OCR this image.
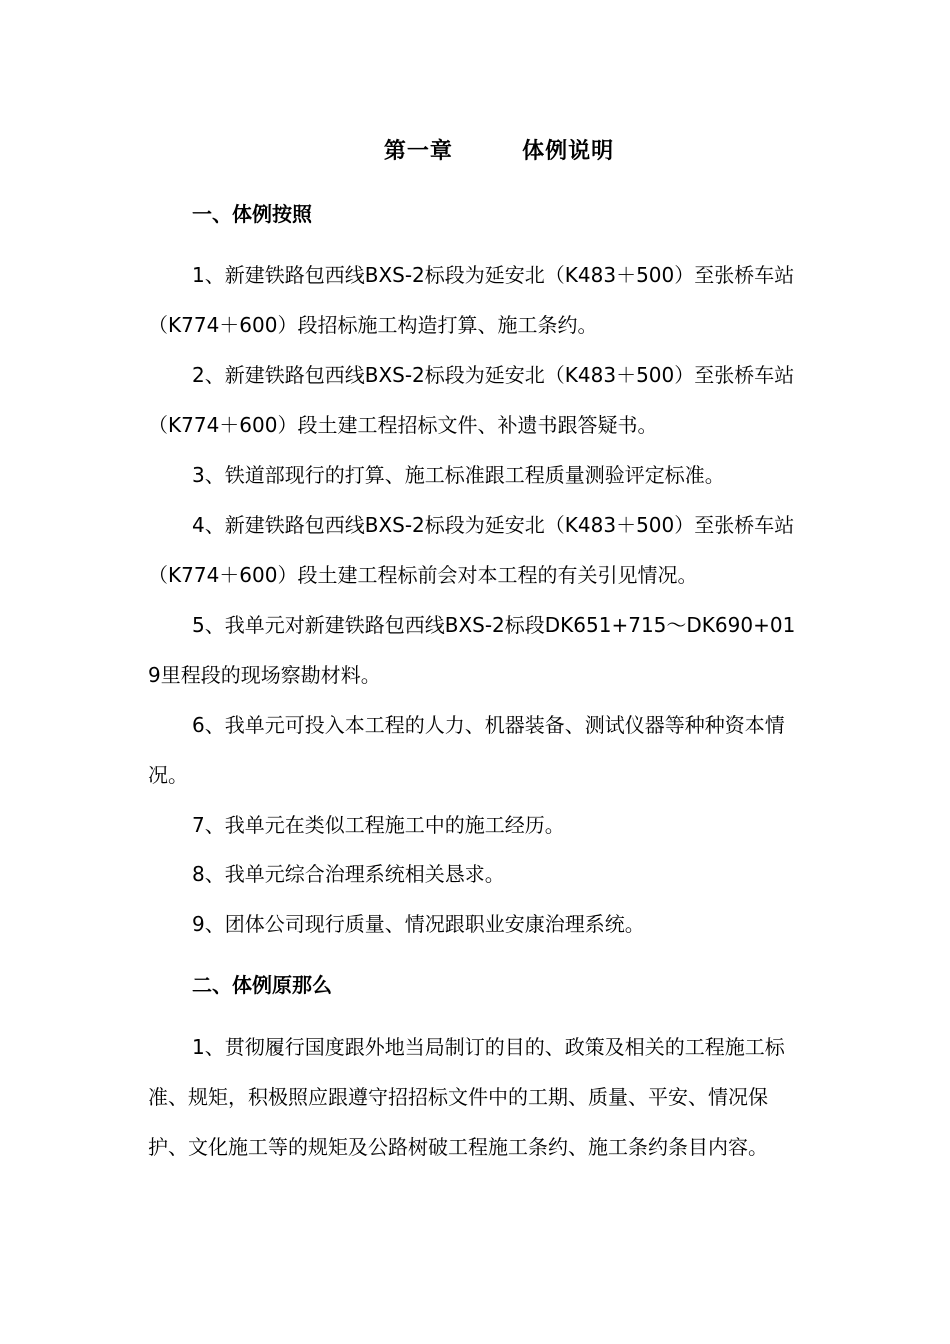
第一章        体例说明
一、体例按照

1、新建铁路包西线BXS-2标段为延安北（K483＋500）至张桥车站（K774＋600）段招标施工构造打算、施工条约。

2、新建铁路包西线BXS-2标段为延安北（K483＋500）至张桥车站（K774＋600）段土建工程招标文件、补遗书跟答疑书。

3、铁道部现行的打算、施工标准跟工程质量测验评定标准。

4、新建铁路包西线BXS-2标段为延安北（K483＋500）至张桥车站（K774＋600）段土建工程标前会对本工程的有关引见情况。

5、我单元对新建铁路包西线BXS-2标段DK651+715～DK690+019里程段的现场察勘材料。

6、我单元可投入本工程的人力、机器装备、测试仪器等种种资本情况。

7、我单元在类似工程施工中的施工经历。

8、我单元综合治理系统相关恳求。

9、团体公司现行质量、情况跟职业安康治理系统。

二、体例原那么

1、贯彻履行国度跟外地当局制订的目的、政策及相关的工程施工标准、规矩，积极照应跟遵守招招标文件中的工期、质量、平安、情况保护、文化施工等的规矩及公路树破工程施工条约、施工条约条目内容。
